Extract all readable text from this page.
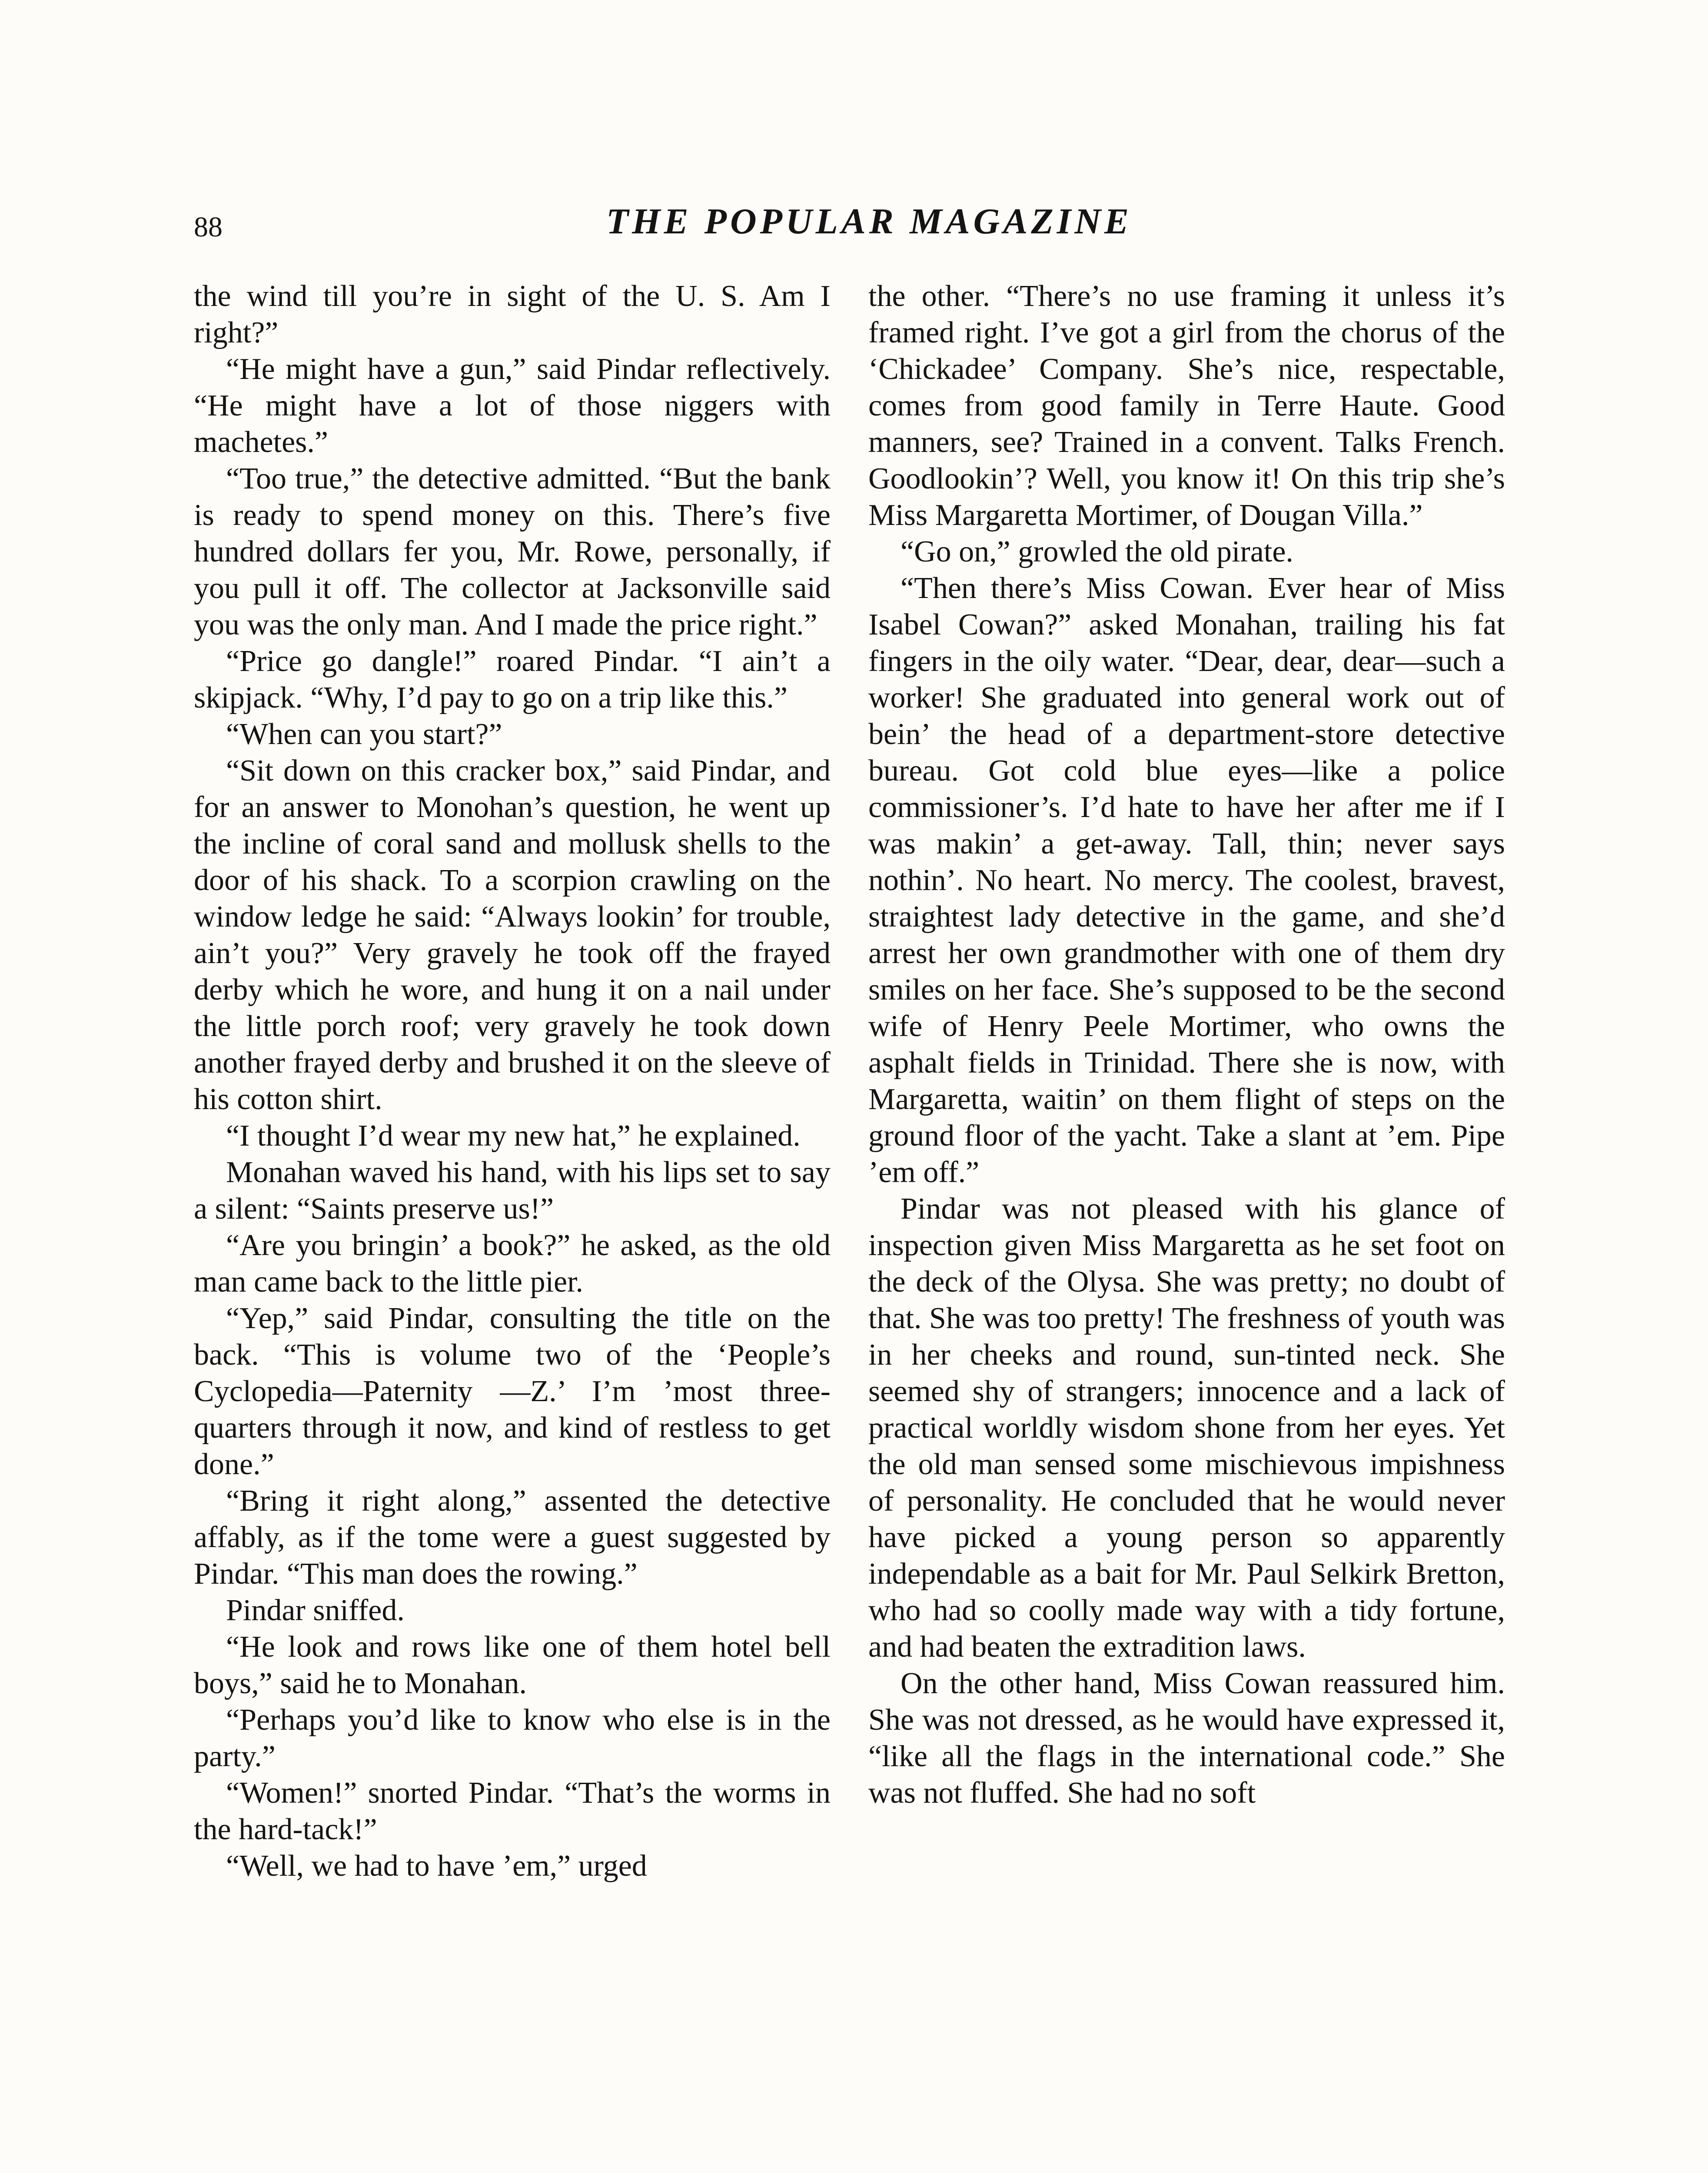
88	THE POPULAR MAGAZINE

the wind till you’re in sight of the U. S. Am I right?”

“He might have a gun,” said Pindar reflectively. “He might have a lot of those niggers with machetes.”

“Too true,” the detective admitted. “But the bank is ready to spend money on this. There’s five hundred dollars fer you, Mr. Rowe, personally, if you pull it off. The collector at Jacksonville said you was the only man. And I made the price right.”

“Price go dangle!” roared Pindar. “I ain’t a skipjack. “Why, I’d pay to go on a trip like this.”

“When can you start?”

“Sit down on this cracker box,” said Pindar, and for an answer to Monohan’s question, he went up the incline of coral sand and mollusk shells to the door of his shack. To a scorpion crawling on the window ledge he said: “Always lookin’ for trouble, ain’t you?” Very gravely he took off the frayed derby which he wore, and hung it on a nail under the little porch roof; very gravely he took down another frayed derby and brushed it on the sleeve of his cotton shirt.

“I thought I’d wear my new hat,” he explained.

Monahan waved his hand, with his lips set to say a silent: “Saints preserve us!”

“Are you bringin’ a book?” he asked, as the old man came back to the little pier.

“Yep,” said Pindar, consulting the title on the back. “This is volume two of the ‘People’s Cyclopedia—Paternity —Z.’ I’m ’most three-quarters through it now, and kind of restless to get done.”

“Bring it right along,” assented the detective affably, as if the tome were a guest suggested by Pindar. “This man does the rowing.”

Pindar sniffed.

“He look and rows like one of them hotel bell boys,” said he to Monahan.

“Perhaps you’d like to know who else is in the party.”

“Women!” snorted Pindar. “That’s the worms in the hard-tack!”

“Well, we had to have ’em,” urged

the other. “There’s no use framing it unless it’s framed right. I’ve got a girl from the chorus of the ‘Chickadee’ Company. She’s nice, respectable, comes from good family in Terre Haute. Good manners, see? Trained in a convent. Talks French. Goodlookin’? Well, you know it! On this trip she’s Miss Margaretta Mortimer, of Dougan Villa.”

“Go on,” growled the old pirate.

“Then there’s Miss Cowan. Ever hear of Miss Isabel Cowan?” asked Monahan, trailing his fat fingers in the oily water. “Dear, dear, dear—such a worker! She graduated into general work out of bein’ the head of a department-store detective bureau. Got cold blue eyes—like a police commissioner’s. I’d hate to have her after me if I was makin’ a get-away. Tall, thin; never says nothin’. No heart. No mercy. The coolest, bravest, straightest lady detective in the game, and she’d arrest her own grandmother with one of them dry smiles on her face. She’s supposed to be the second wife of Henry Peele Mortimer, who owns the asphalt fields in Trinidad. There she is now, with Margaretta, waitin’ on them flight of steps on the ground floor of the yacht. Take a slant at ’em. Pipe ’em off.”

Pindar was not pleased with his glance of inspection given Miss Margaretta as he set foot on the deck of the Olysa. She was pretty; no doubt of that. She was too pretty! The freshness of youth was in her cheeks and round, sun-tinted neck. She seemed shy of strangers; innocence and a lack of practical worldly wisdom shone from her eyes. Yet the old man sensed some mischievous impishness of personality. He concluded that he would never have picked a young person so apparently independable as a bait for Mr. Paul Selkirk Bretton, who had so coolly made way with a tidy fortune, and had beaten the extradition laws.

On the other hand, Miss Cowan reassured him. She was not dressed, as he would have expressed it, “like all the flags in the international code.” She was not fluffed. She had no soft
